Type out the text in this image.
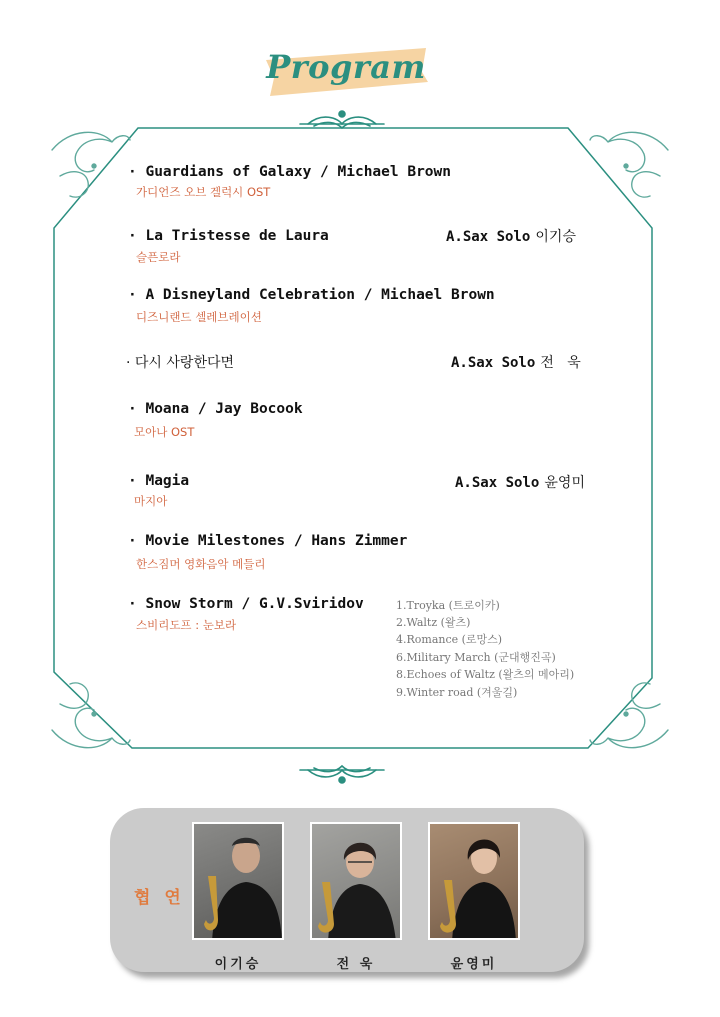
Program
· Guardians of Galaxy / Michael Brown
가디언즈 오브 겔럭시 OST
· La Tristesse de Laura
슬픈로라
A.Sax Solo 이기승
· A Disneyland Celebration / Michael Brown
디즈니랜드 셀레브레이션
· 다시 사랑한다면	A.Sax Solo 전   욱
· Moana / Jay Bocook
모아나 OST
· Magia
마지아
A.Sax Solo 윤영미
· Movie Milestones / Hans Zimmer
한스짐머 영화음악 메들리
· Snow Storm / G.V.Sviridov
스비리도프 : 눈보라
1.Troyka (트로이카)
2.Waltz (왈츠)
4.Romance (로망스)
6.Military March (군대행진곡)
8.Echoes of Waltz (왈츠의 메아리)
9.Winter road (겨울길)
협 연
이기승	전 욱	윤영미
